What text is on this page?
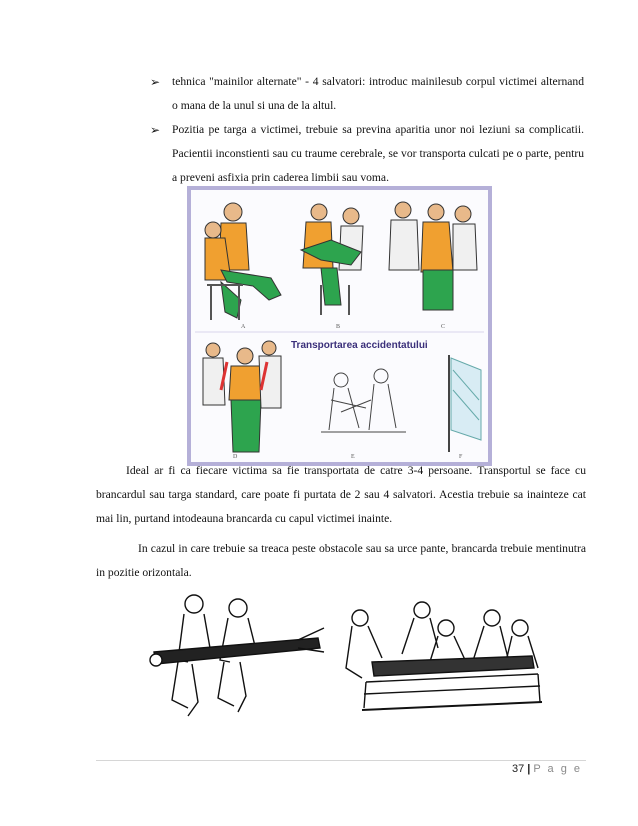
➢ tehnica "mainilor alternate" - 4 salvatori: introduc mainilesub corpul victimei alternand o mana de la unul si una de la altul.
➢ Pozitia pe targa a victimei, trebuie sa previna aparitia unor noi leziuni sa complicatii. Pacientii inconstienti sau cu traume cerebrale, se vor transporta culcati pe o parte, pentru a preveni asfixia prin caderea limbii sau voma.
A	B	C
Transportarea accidentatului
D	E	F
Ideal ar fi ca fiecare victima sa fie transportata de catre 3-4 persoane. Transportul se face cu brancardul sau targa standard, care poate fi purtata de 2 sau 4 salvatori. Acestia trebuie sa inainteze cat mai lin, purtand intodeauna brancarda cu capul victimei inainte.
In cazul in care trebuie sa treaca peste obstacole sau sa urce pante, brancarda trebuie mentinutra in pozitie orizontala.
37 | P a g e
